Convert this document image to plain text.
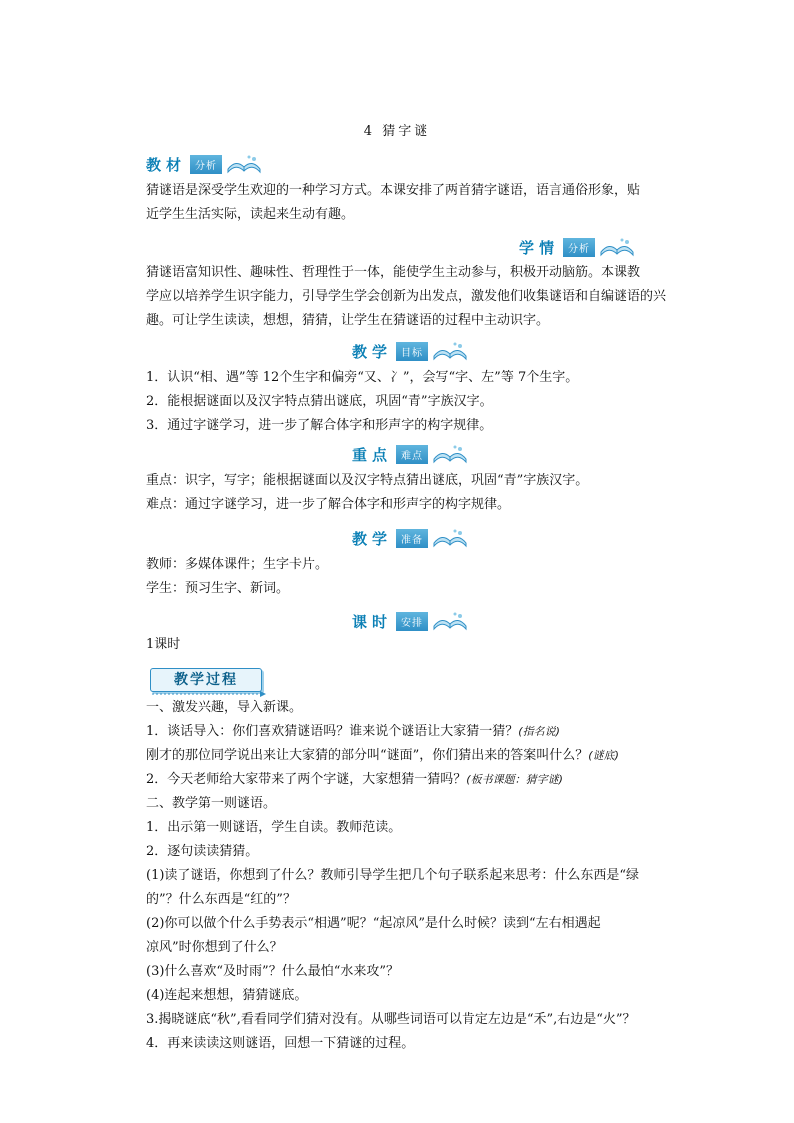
4 猜字谜
教材 分析
猜谜语是深受学生欢迎的一种学习方式。本课安排了两首猜字谜语，语言通俗形象，贴
近学生生活实际，读起来生动有趣。
学情 分析
猜谜语富知识性、趣味性、哲理性于一体，能使学生主动参与，积极开动脑筋。本课教
学应以培养学生识字能力，引导学生学会创新为出发点，激发他们收集谜语和自编谜语的兴
趣。可让学生读读，想想，猜猜，让学生在猜谜语的过程中主动识字。
教学 目标
1．认识“相、遇”等 12个生字和偏旁“又、冫”，会写“字、左”等 7个生字。
2．能根据谜面以及汉字特点猜出谜底，巩固“青”字族汉字。
3．通过字谜学习，进一步了解合体字和形声字的构字规律。
重点 难点
重点：识字，写字；能根据谜面以及汉字特点猜出谜底，巩固“青”字族汉字。
难点：通过字谜学习，进一步了解合体字和形声字的构字规律。
教学 准备
教师：多媒体课件；生字卡片。
学生：预习生字、新词。
课时 安排
1课时
教学过程
一、激发兴趣，导入新课。
1．谈话导入：你们喜欢猜谜语吗？谁来说个谜语让大家猜一猜？(指名说)
刚才的那位同学说出来让大家猜的部分叫“谜面”，你们猜出来的答案叫什么？(谜底)
2．今天老师给大家带来了两个字谜，大家想猜一猜吗？(板书课题：猜字谜)
二、教学第一则谜语。
1．出示第一则谜语，学生自读。教师范读。
2．逐句读读猜猜。
(1)读了谜语，你想到了什么？教师引导学生把几个句子联系起来思考：什么东西是“绿
的”？什么东西是“红的”？
(2)你可以做个什么手势表示“相遇”呢？“起凉风”是什么时候？读到“左右相遇起
凉风”时你想到了什么？
(3)什么喜欢“及时雨”？什么最怕“水来攻”？
(4)连起来想想，猜猜谜底。
3.揭晓谜底“秋”,看看同学们猜对没有。从哪些词语可以肯定左边是“禾”,右边是“火”？
4．再来读读这则谜语，回想一下猜谜的过程。
